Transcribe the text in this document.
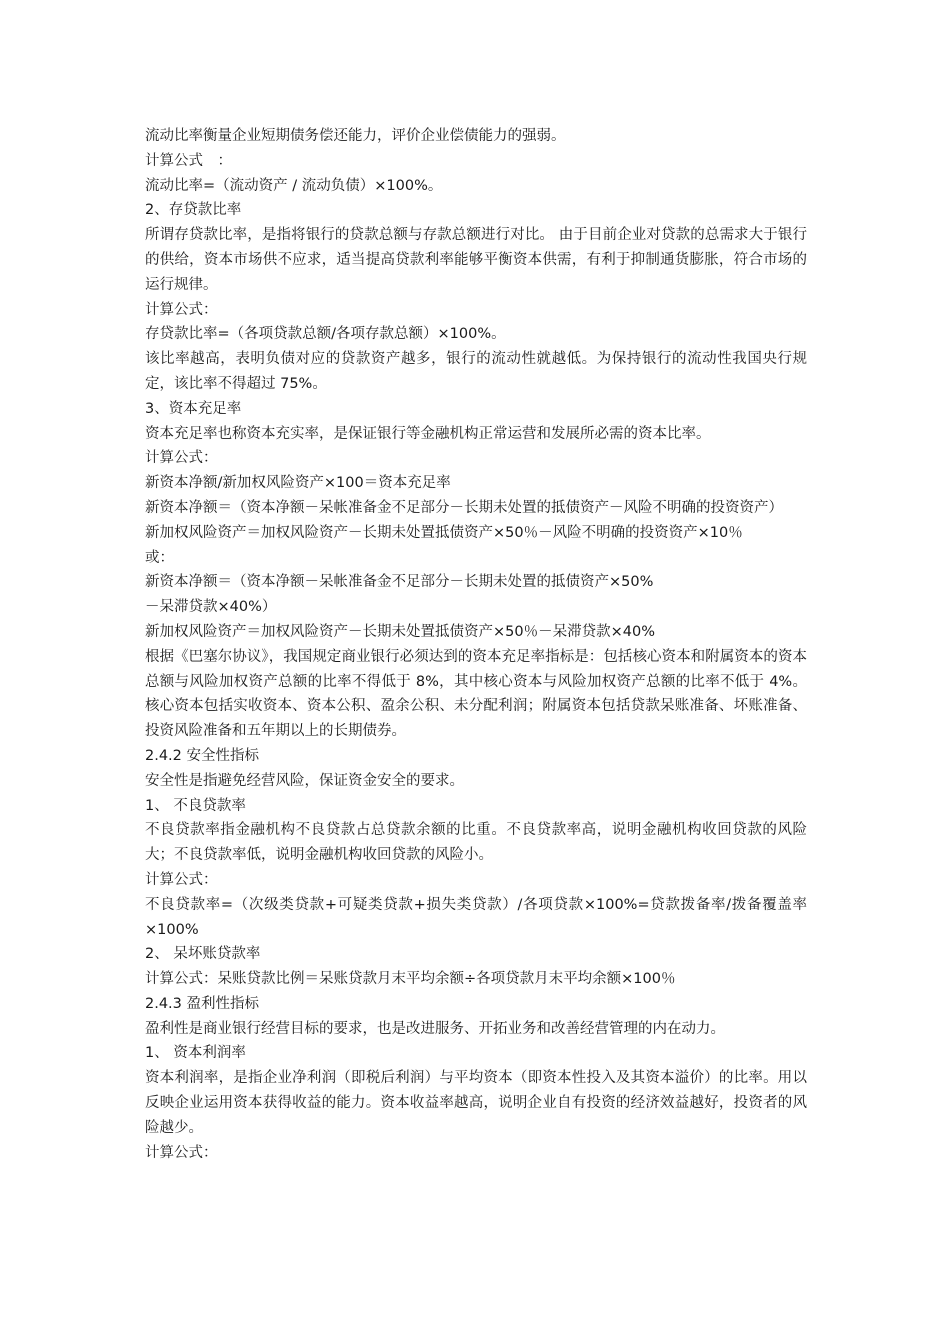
流动比率衡量企业短期债务偿还能力，评价企业偿债能力的强弱。

计算公式　：

流动比率=（流动资产 / 流动负债）×100%。

2、存贷款比率

所谓存贷款比率，是指将银行的贷款总额与存款总额进行对比。 由于目前企业对贷款的总需求大于银行的供给，资本市场供不应求，适当提高贷款利率能够平衡资本供需，有利于抑制通货膨胀，符合市场的运行规律。

计算公式：

存贷款比率=（各项贷款总额/各项存款总额）×100%。

该比率越高，表明负债对应的贷款资产越多，银行的流动性就越低。为保持银行的流动性我国央行规定，该比率不得超过 75%。

3、资本充足率

资本充足率也称资本充实率，是保证银行等金融机构正常运营和发展所必需的资本比率。

计算公式：

新资本净额/新加权风险资产×100＝资本充足率

新资本净额＝（资本净额－呆帐准备金不足部分－长期未处置的抵债资产－风险不明确的投资资产）

新加权风险资产＝加权风险资产－长期未处置抵债资产×50％－风险不明确的投资资产×10％

或：

新资本净额＝（资本净额－呆帐准备金不足部分－长期未处置的抵债资产×50%

－呆滞贷款×40%）

新加权风险资产＝加权风险资产－长期未处置抵债资产×50％－呆滞贷款×40%

根据《巴塞尔协议》，我国规定商业银行必须达到的资本充足率指标是：包括核心资本和附属资本的资本总额与风险加权资产总额的比率不得低于 8%，其中核心资本与风险加权资产总额的比率不低于 4%。核心资本包括实收资本、资本公积、盈余公积、未分配利润；附属资本包括贷款呆账准备、坏账准备、投资风险准备和五年期以上的长期债券。

2.4.2 安全性指标

安全性是指避免经营风险，保证资金安全的要求。

1、 不良贷款率

不良贷款率指金融机构不良贷款占总贷款余额的比重。不良贷款率高，说明金融机构收回贷款的风险大；不良贷款率低，说明金融机构收回贷款的风险小。

计算公式：

不良贷款率=（次级类贷款+可疑类贷款+损失类贷款）/各项贷款×100%=贷款拨备率/拨备覆盖率×100%

2、 呆坏账贷款率

计算公式：呆账贷款比例＝呆账贷款月末平均余额÷各项贷款月末平均余额×100％

2.4.3 盈利性指标

盈利性是商业银行经营目标的要求，也是改进服务、开拓业务和改善经营管理的内在动力。

1、 资本利润率

资本利润率，是指企业净利润（即税后利润）与平均资本（即资本性投入及其资本溢价）的比率。用以反映企业运用资本获得收益的能力。资本收益率越高，说明企业自有投资的经济效益越好，投资者的风险越少。

计算公式：
